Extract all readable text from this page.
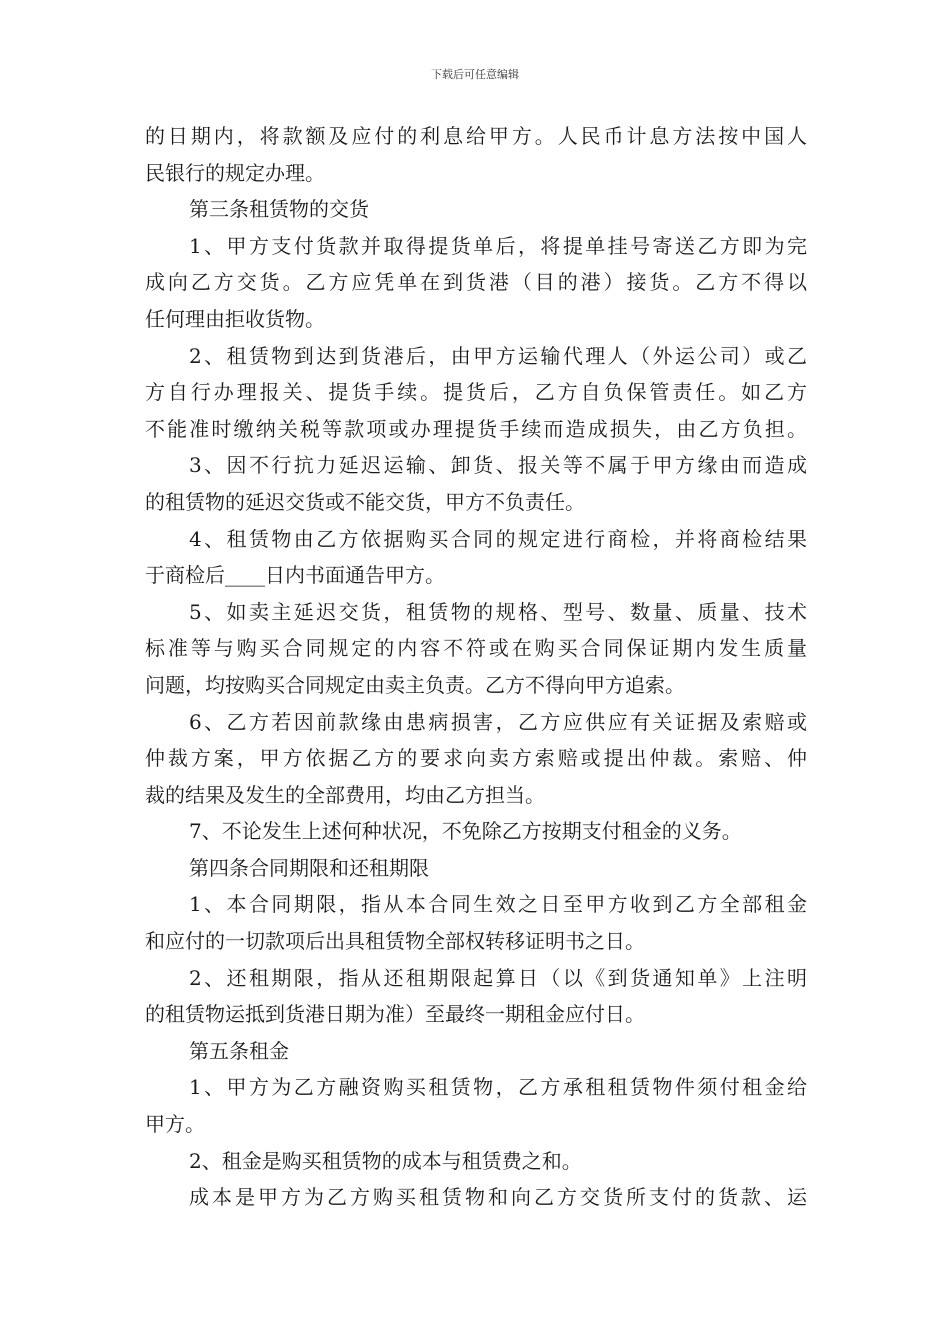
下载后可任意编辑
的日期内，将款额及应付的利息给甲方。人民币计息方法按中国人
民银行的规定办理。
第三条租赁物的交货
1、甲方支付货款并取得提货单后，将提单挂号寄送乙方即为完
成向乙方交货。乙方应凭单在到货港（目的港）接货。乙方不得以
任何理由拒收货物。
2、租赁物到达到货港后，由甲方运输代理人（外运公司）或乙
方自行办理报关、提货手续。提货后，乙方自负保管责任。如乙方
不能准时缴纳关税等款项或办理提货手续而造成损失，由乙方负担。
3、因不行抗力延迟运输、卸货、报关等不属于甲方缘由而造成
的租赁物的延迟交货或不能交货，甲方不负责任。
4、租赁物由乙方依据购买合同的规定进行商检，并将商检结果
于商检后____日内书面通告甲方。
5、如卖主延迟交货，租赁物的规格、型号、数量、质量、技术
标准等与购买合同规定的内容不符或在购买合同保证期内发生质量
问题，均按购买合同规定由卖主负责。乙方不得向甲方追索。
6、乙方若因前款缘由患病损害，乙方应供应有关证据及索赔或
仲裁方案，甲方依据乙方的要求向卖方索赔或提出仲裁。索赔、仲
裁的结果及发生的全部费用，均由乙方担当。
7、不论发生上述何种状况，不免除乙方按期支付租金的义务。
第四条合同期限和还租期限
1、本合同期限，指从本合同生效之日至甲方收到乙方全部租金
和应付的一切款项后出具租赁物全部权转移证明书之日。
2、还租期限，指从还租期限起算日（以《到货通知单》上注明
的租赁物运抵到货港日期为准）至最终一期租金应付日。
第五条租金
1、甲方为乙方融资购买租赁物，乙方承租租赁物件须付租金给
甲方。
2、租金是购买租赁物的成本与租赁费之和。
成本是甲方为乙方购买租赁物和向乙方交货所支付的货款、运
